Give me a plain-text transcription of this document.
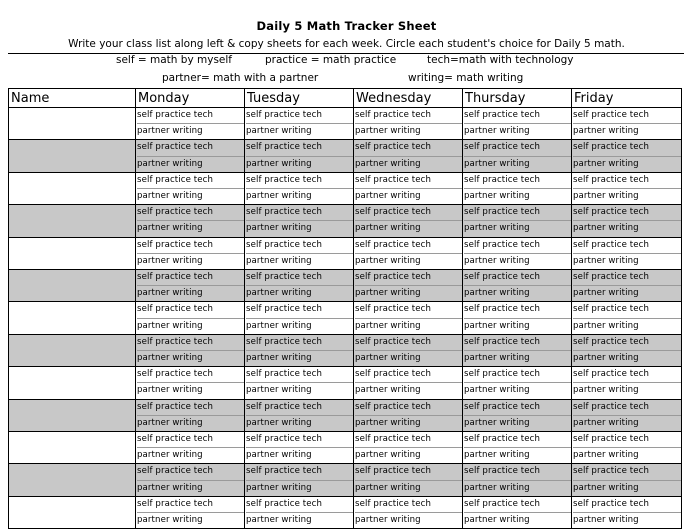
Daily 5 Math Tracker Sheet
Write your class list along left & copy sheets for each week. Circle each student's choice for Daily 5 math.
self = math by myself	practice = math practice	tech=math with technology
partner= math with a partner	writing= math writing
Name	Monday	Tuesday	Wednesday	Thursday	Friday

	self practice tech
partner writing	self practice tech
partner writing	self practice tech
partner writing	self practice tech
partner writing	self practice tech
partner writing

	self practice tech
partner writing	self practice tech
partner writing	self practice tech
partner writing	self practice tech
partner writing	self practice tech
partner writing

	self practice tech
partner writing	self practice tech
partner writing	self practice tech
partner writing	self practice tech
partner writing	self practice tech
partner writing

	self practice tech
partner writing	self practice tech
partner writing	self practice tech
partner writing	self practice tech
partner writing	self practice tech
partner writing

	self practice tech
partner writing	self practice tech
partner writing	self practice tech
partner writing	self practice tech
partner writing	self practice tech
partner writing

	self practice tech
partner writing	self practice tech
partner writing	self practice tech
partner writing	self practice tech
partner writing	self practice tech
partner writing

	self practice tech
partner writing	self practice tech
partner writing	self practice tech
partner writing	self practice tech
partner writing	self practice tech
partner writing

	self practice tech
partner writing	self practice tech
partner writing	self practice tech
partner writing	self practice tech
partner writing	self practice tech
partner writing

	self practice tech
partner writing	self practice tech
partner writing	self practice tech
partner writing	self practice tech
partner writing	self practice tech
partner writing

	self practice tech
partner writing	self practice tech
partner writing	self practice tech
partner writing	self practice tech
partner writing	self practice tech
partner writing

	self practice tech
partner writing	self practice tech
partner writing	self practice tech
partner writing	self practice tech
partner writing	self practice tech
partner writing

	self practice tech
partner writing	self practice tech
partner writing	self practice tech
partner writing	self practice tech
partner writing	self practice tech
partner writing

	self practice tech
partner writing	self practice tech
partner writing	self practice tech
partner writing	self practice tech
partner writing	self practice tech
partner writing
